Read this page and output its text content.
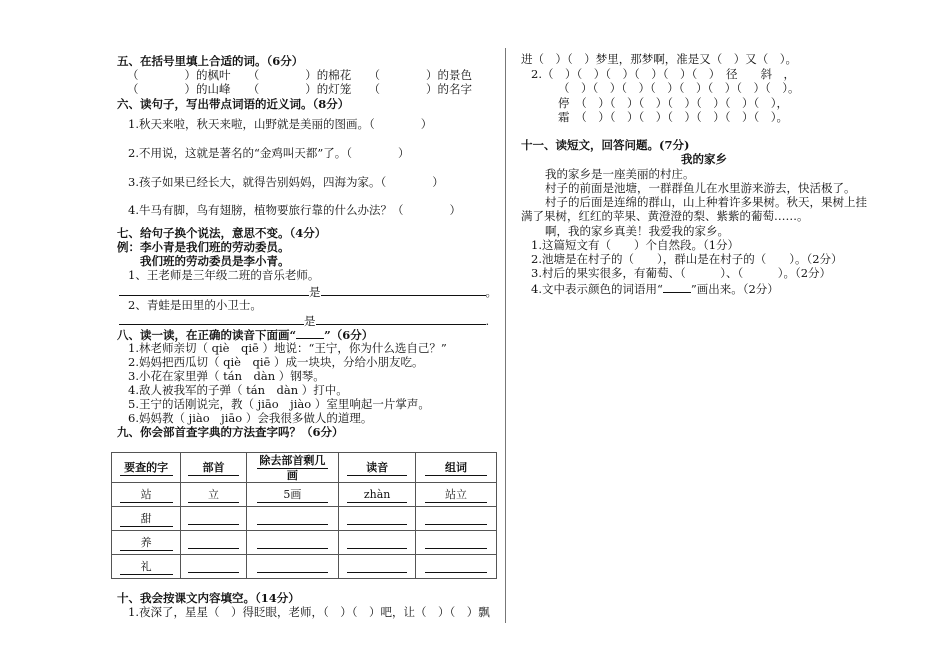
五、在括号里填上合适的词。（6分）
（　　　　）的枫叶　　（　　　　）的棉花　　（　　　　）的景色
（　　　　）的山峰　　（　　　　）的灯笼　　（　　　　）的名字
六、读句子，写出带点词语的近义词。（8分）
1.秋天来啦，秋天来啦，山野就是美丽的图画。（　　　　）
2.不用说，这就是著名的“金鸡叫天都”了。（　　　　）
3.孩子如果已经长大，就得告别妈妈，四海为家。（　　　　）
4.牛马有脚，鸟有翅膀，植物要旅行靠的什么办法？（　　　　）
七、给句子换个说法，意思不变。（4分）
例：李小青是我们班的劳动委员。
我们班的劳动委员是李小青。
1、王老师是三年级二班的音乐老师。
是	。
2、青蛙是田里的小卫士。
是	.
八、读一读，在正确的读音下面画“ ”（6分）
1.林老师亲切（ qiè　qiē ）地说：“王宁，你为什么选自己？”
2.妈妈把西瓜切（ qiè　qiē ）成一块块，分给小朋友吃。
3.小花在家里弹（ tán　dàn ）钢琴。
4.敌人被我军的子弹（ tán　dàn ）打中。
5.王宁的话刚说完，教（ jiāo　jiào ）室里响起一片掌声。
6.妈妈教（ jiào　jiāo ）会我很多做人的道理。
九、你会部首查字典的方法查字吗？（6分）
要查的字	部首	除去部首剩几画	读音	组词
站	立	5画	zhàn	站立
甜				
养				
礼				
十、我会按课文内容填空。（14分）
1.夜深了，星星（　）得眨眼，老师，（　）（　）吧，让（　）（　）飘
进（　）（　）梦里，那梦啊，准是又（　）又（　）。
2.（　）（　）（　）（　）（　）（　）　径　　斜　，
（　）（　）（　）（　）（　）（　）（　）（　）。
停　（　）（　）（　）（　）（　）（　）（　），
霜　（　）（　）（　）（　）（　）（　）（　）。
十一、读短文，回答问题。(7分)
我的家乡
我的家乡是一座美丽的村庄。
村子的前面是池塘，一群群鱼儿在水里游来游去，快活极了。
村子的后面是连绵的群山，山上种着许多果树。秋天，果树上挂
满了果树，红红的苹果、黄澄澄的梨、紫紫的葡萄……。
啊，我的家乡真美！我爱我的家乡。
1.这篇短文有（　　）个自然段。（1分）
2.池塘是在村子的（　　），群山是在村子的（　　）。（2分）
3.村后的果实很多，有葡萄、（　　　）、（　　　）。（2分）
4.文中表示颜色的词语用“ ”画出来。（2分）
